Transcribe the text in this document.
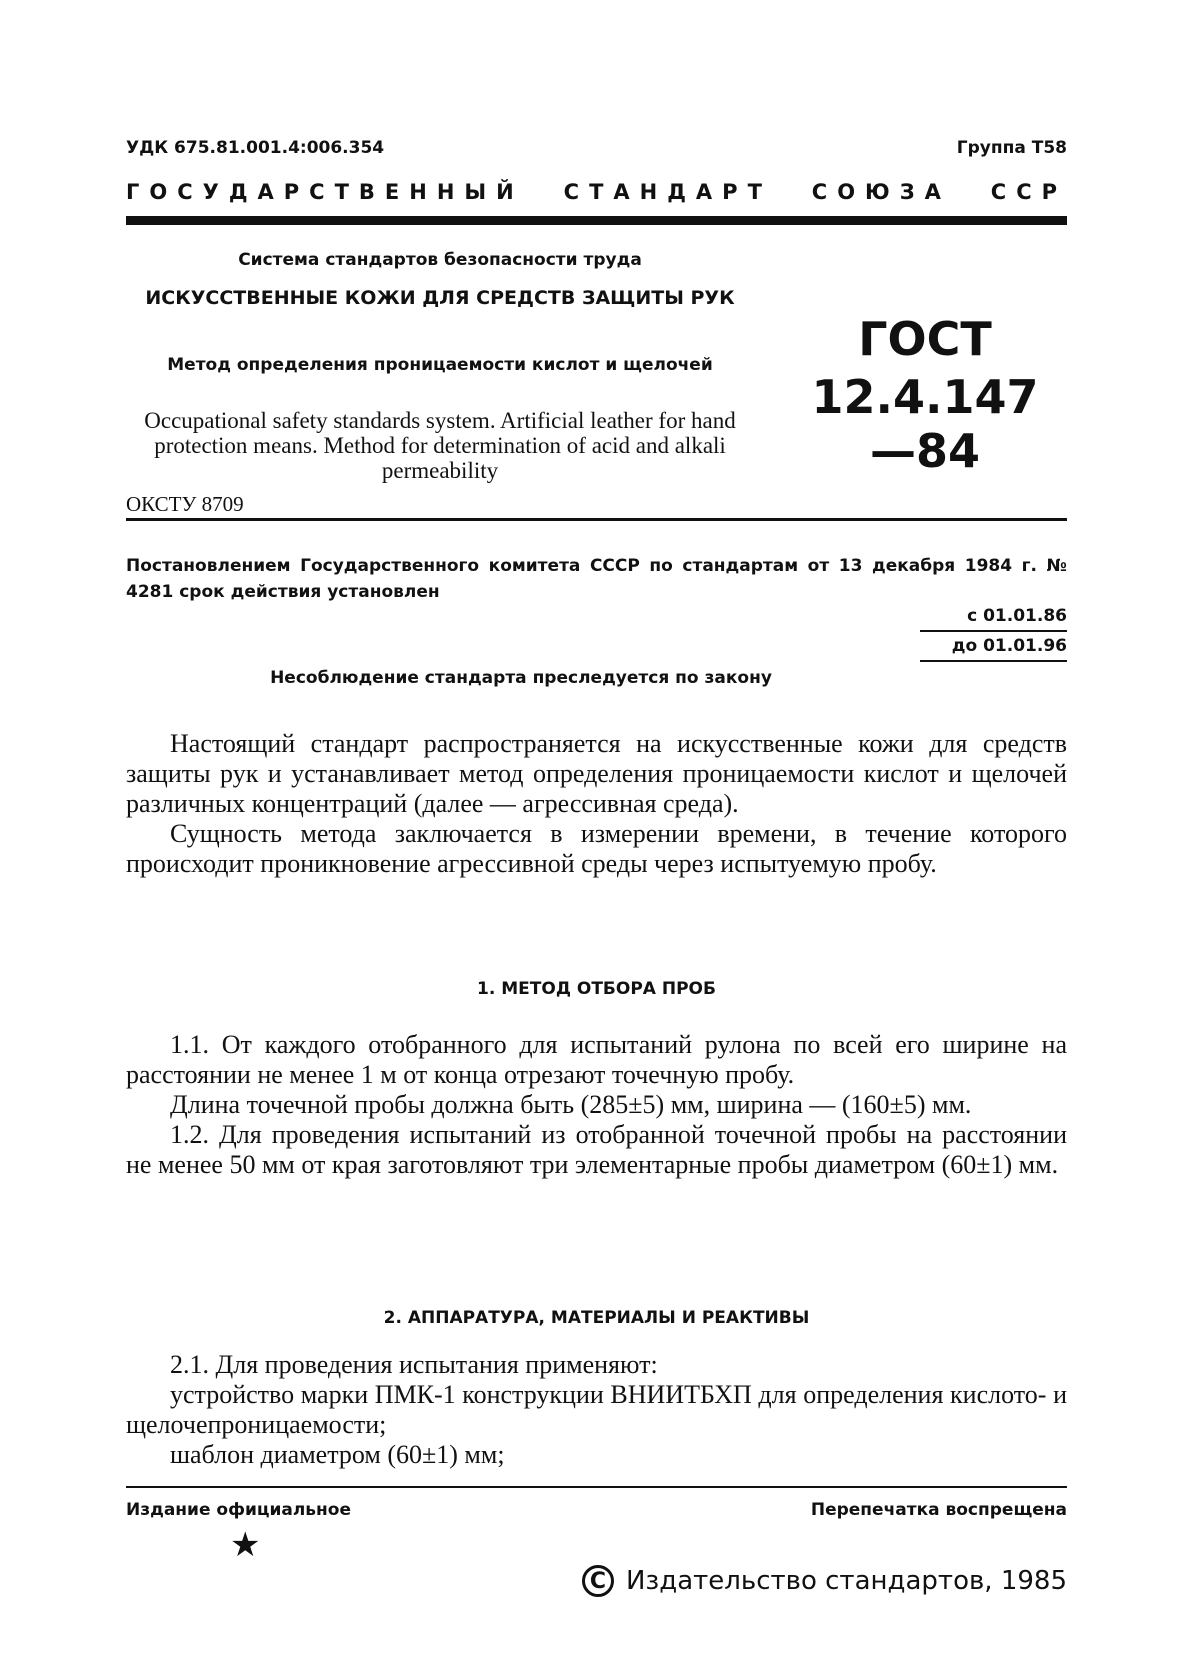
УДК 675.81.001.4:006.354	Группа Т58
ГОСУДАРСТВЕННЫЙ СТАНДАРТ СОЮЗА ССР
Система стандартов безопасности труда
ИСКУССТВЕННЫЕ КОЖИ ДЛЯ СРЕДСТВ ЗАЩИТЫ РУК
Метод определения проницаемости кислот и щелочей
Occupational safety standards system. Artificial leather for hand protection means. Method for determination of acid and alkali permeability
ОКСТУ 8709
ГОСТ
12.4.147—84
Постановлением Государственного комитета СССР по стандартам от 13 декабря 1984 г. № 4281 срок действия установлен
с 01.01.86
до 01.01.96
Несоблюдение стандарта преследуется по закону

Настоящий стандарт распространяется на искусственные кожи для средств защиты рук и устанавливает метод определения проницаемости кислот и щелочей различных концентраций (далее — агрессивная среда).

Сущность метода заключается в измерении времени, в течение которого происходит проникновение агрессивной среды через испытуемую пробу.

1. МЕТОД ОТБОРА ПРОБ

1.1. От каждого отобранного для испытаний рулона по всей его ширине на расстоянии не менее 1 м от конца отрезают точечную пробу.

Длина точечной пробы должна быть (285±5) мм, ширина — (160±5) мм.

1.2. Для проведения испытаний из отобранной точечной пробы на расстоянии не менее 50 мм от края заготовляют три элементарные пробы диаметром (60±1) мм.

2. АППАРАТУРА, МАТЕРИАЛЫ И РЕАКТИВЫ

2.1. Для проведения испытания применяют:

устройство марки ПМК-1 конструкции ВНИИТБХП для определения кислото- и щелочепроницаемости;

шаблон диаметром (60±1) мм;

Издание официальное	Перепечатка воспрещена
★
C Издательство стандартов, 1985
